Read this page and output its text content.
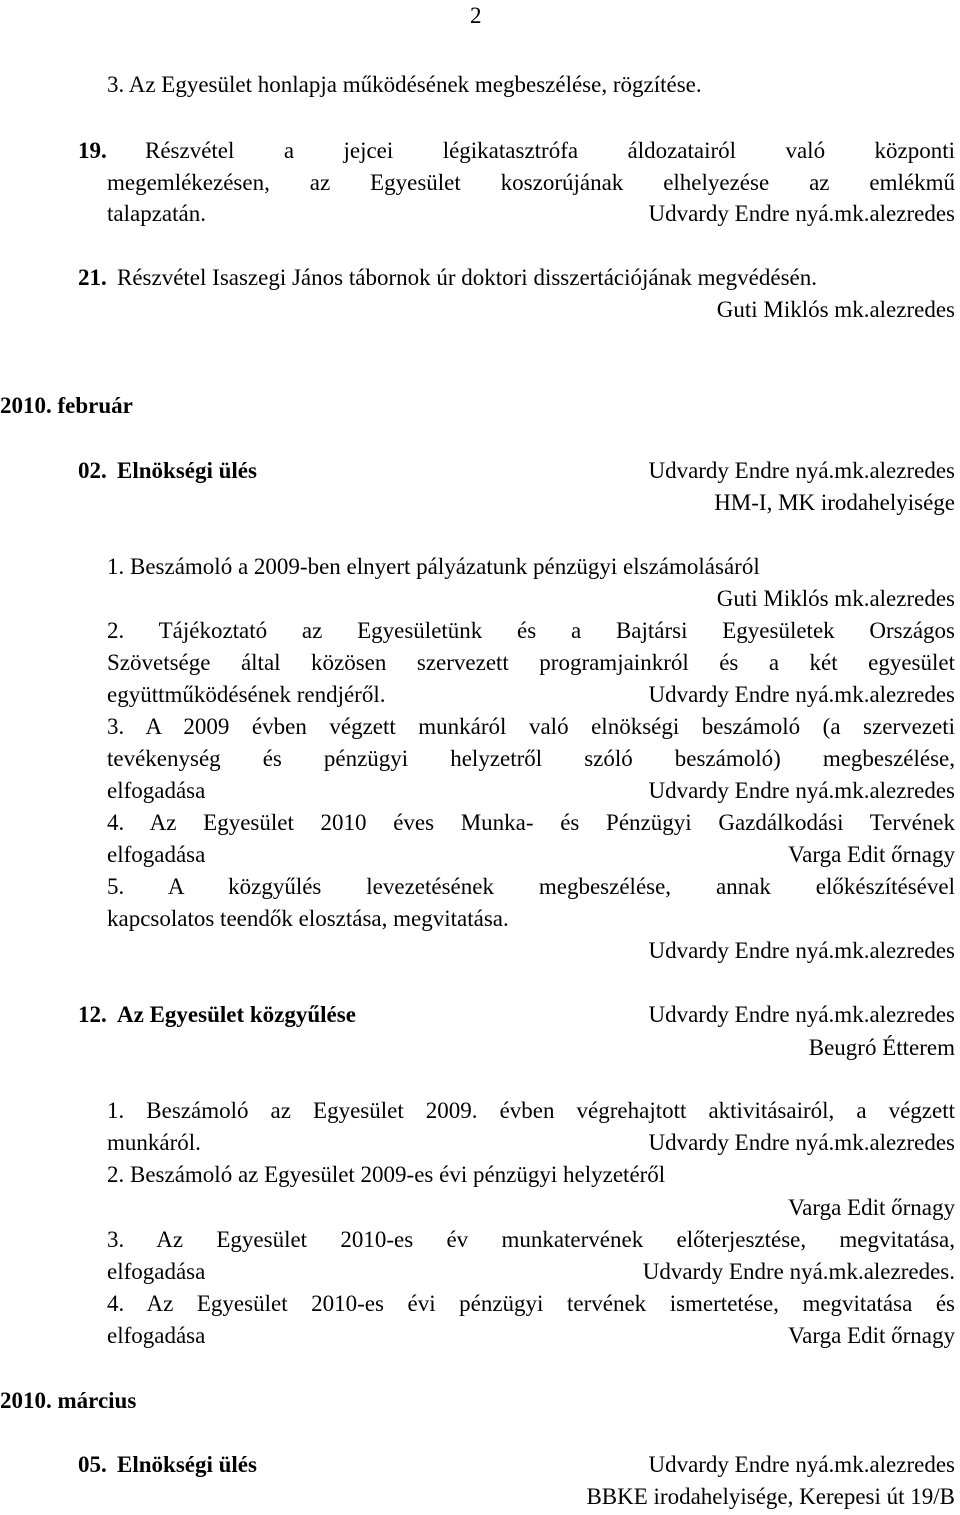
2
3. Az Egyesület honlapja működésének megbeszélése, rögzítése.
19. Részvétel a jejcei légikatasztrófa áldozatairól való központi
megemlékezésen, az Egyesület koszorújának elhelyezése az emlékmű
talapzatán.	Udvardy Endre nyá.mk.alezredes
21. Részvétel Isaszegi János tábornok úr doktori disszertációjának megvédésén.
Guti Miklós mk.alezredes
2010. február
02. Elnökségi ülés	Udvardy Endre nyá.mk.alezredes
HM-I, MK irodahelyisége
1. Beszámoló a 2009-ben elnyert pályázatunk pénzügyi elszámolásáról
Guti Miklós mk.alezredes
2. Tájékoztató az Egyesületünk és a Bajtársi Egyesületek Országos
Szövetsége által közösen szervezett programjainkról és a két egyesület
együttműködésének rendjéről.	Udvardy Endre nyá.mk.alezredes
3. A 2009 évben végzett munkáról való elnökségi beszámoló (a szervezeti
tevékenység és pénzügyi helyzetről szóló beszámoló) megbeszélése,
elfogadása	Udvardy Endre nyá.mk.alezredes
4. Az Egyesület 2010 éves Munka- és Pénzügyi Gazdálkodási Tervének
elfogadása	Varga Edit őrnagy
5. A közgyűlés levezetésének megbeszélése, annak előkészítésével
kapcsolatos teendők elosztása, megvitatása.
Udvardy Endre nyá.mk.alezredes
12. Az Egyesület közgyűlése	Udvardy Endre nyá.mk.alezredes
Beugró Étterem
1. Beszámoló az Egyesület 2009. évben végrehajtott aktivitásairól, a végzett
munkáról.	Udvardy Endre nyá.mk.alezredes
2. Beszámoló az Egyesület 2009-es évi pénzügyi helyzetéről
Varga Edit őrnagy
3. Az Egyesület 2010-es év munkatervének előterjesztése, megvitatása,
elfogadása	Udvardy Endre nyá.mk.alezredes.
4. Az Egyesület 2010-es évi pénzügyi tervének ismertetése, megvitatása és
elfogadása	Varga Edit őrnagy
2010. március
05. Elnökségi ülés	Udvardy Endre nyá.mk.alezredes
BBKE irodahelyisége, Kerepesi út 19/B
